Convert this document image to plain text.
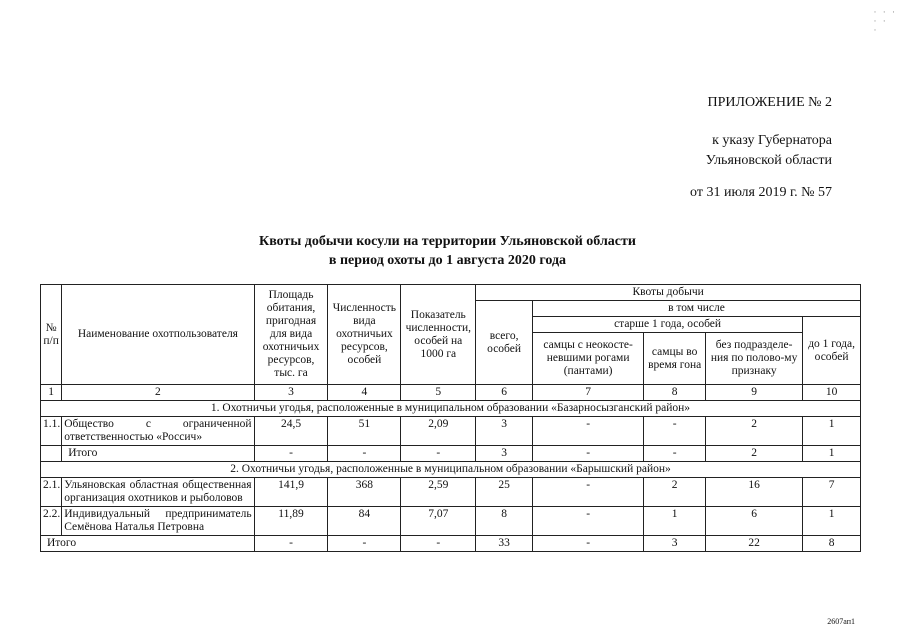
· · ·
· ·
·
ПРИЛОЖЕНИЕ № 2
к указу Губернатора
Ульяновской области
от 31 июля 2019 г. № 57
Квоты добычи косули на территории Ульяновской области
в период охоты до 1 августа 2020 года
№ п/п	Наименование охотпользователя	Площадь обитания, пригодная для вида охотничьих ресурсов, тыс. га	Численность вида охотничьих ресурсов, особей	Показатель численности, особей на 1000 га	Квоты добычи				
					всего, особей	в том числе			
						старше 1 года, особей			до 1 года, особей
						самцы с неокосте-невшими рогами (пантами)	самцы во время гона	без подразделе-ния по полово-му признаку	
1	2	3	4	5	6	7	8	9	10
1. Охотничьи угодья, расположенные в муниципальном образовании «Базарносызганский район»									
1.1.	Общество с ограниченной ответственностью «Россич»	24,5	51	2,09	3	-	-	2	1
	Итого	-	-	-	3	-	-	2	1
2. Охотничьи угодья, расположенные в муниципальном образовании «Барышский район»									
2.1.	Ульяновская областная общественная организация охотников и рыболовов	141,9	368	2,59	25	-	2	16	7
2.2.	Индивидуальный предприниматель Семёнова Наталья Петровна	11,89	84	7,07	8	-	1	6	1
Итого		-	-	-	33	-	3	22	8
2607ап1
